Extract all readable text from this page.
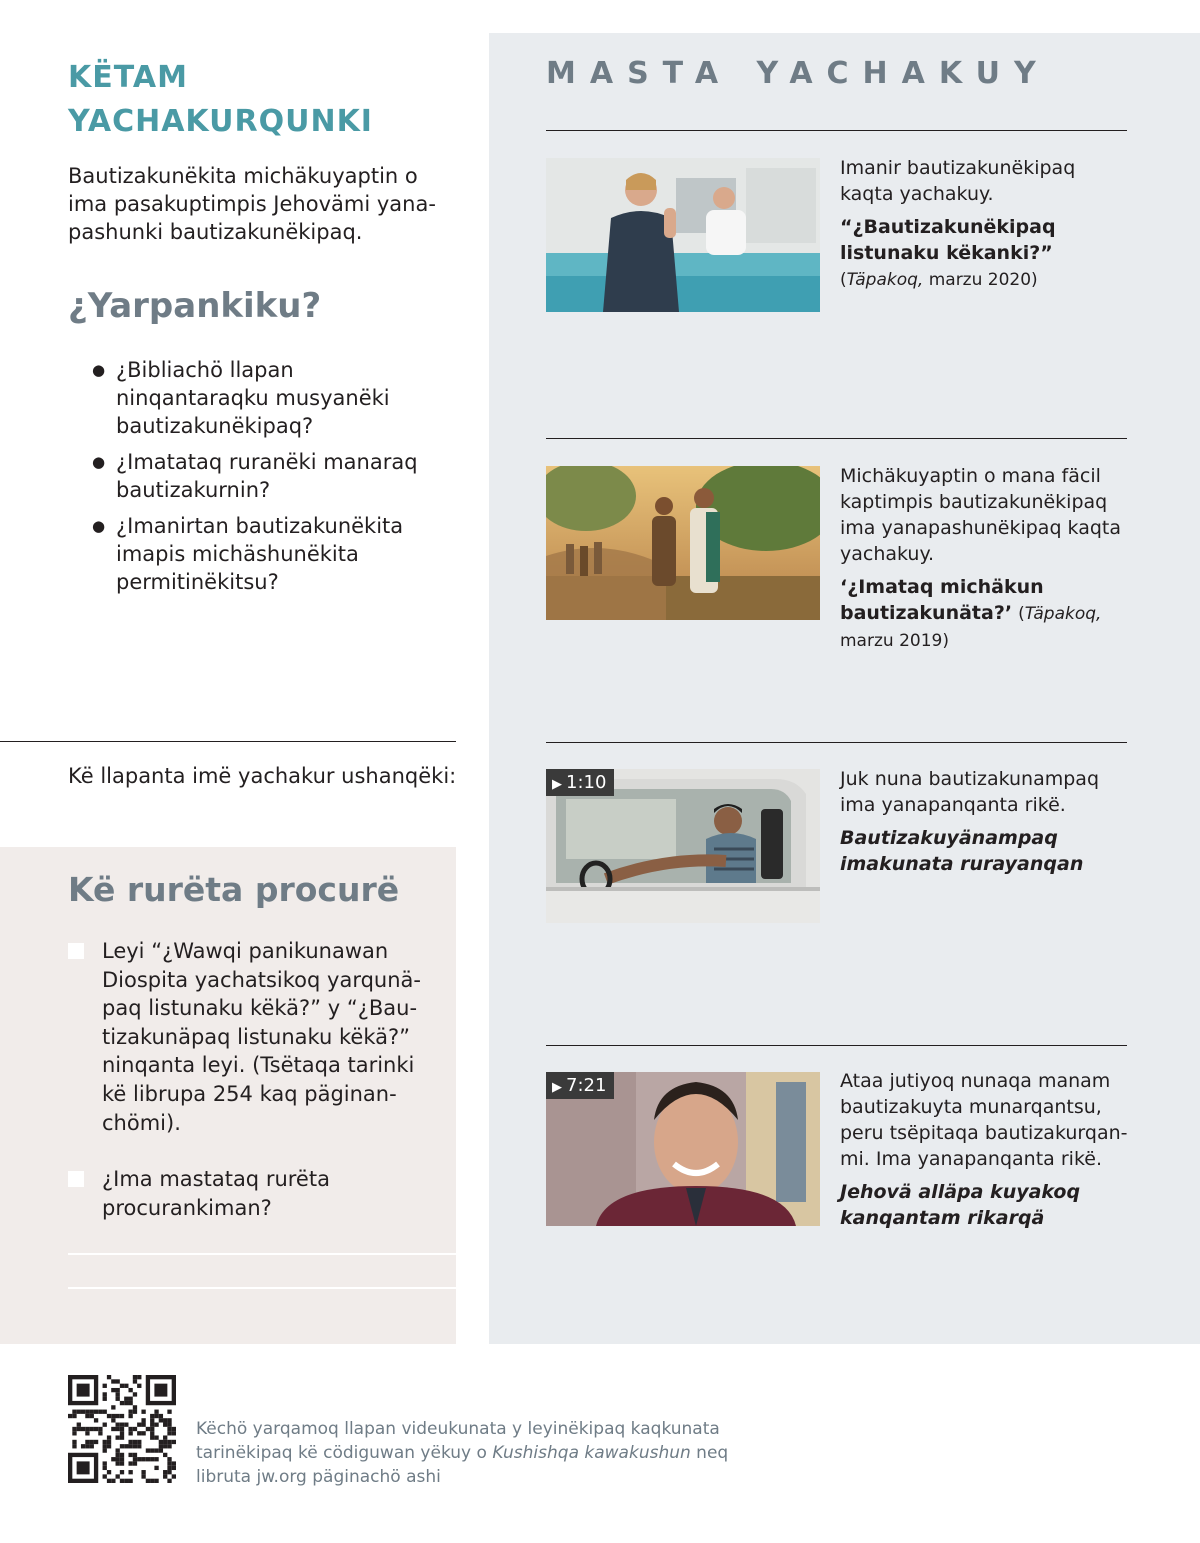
KËTAM YACHAKURQUNKI

Bautizakunëkita michäkuyaptin o ima pasakuptimpis Jehovämi yanapashunki bautizakunëkipaq.

¿Yarpankiku?
● ¿Bibliachö llapan ninqantaraqku musyanëki bautizakunëkipaq?
● ¿Imatataq ruranëki manaraq bautizakurnin?
● ¿Imanirtan bautizakunëkita imapis michäshunëkita permitinëkitsu?

Kë llapanta imë yachakur ushanqëki:

Kë rurëta procurë
Leyi “¿Wawqi panikunawan Diospita yachatsikoq yarqunäpaq listunaku këkä?” y “¿Bautizakunäpaq listunaku këkä?” ninqanta leyi. (Tsëtaqa tarinki kë librupa 254 kaq päginanchömi).
¿Ima mastataq rurëta procurankiman?
MASTA YACHAKUY
Imanir bautizakunëkipaq kaqta yachakuy.
“¿Bautizakunëkipaq listunaku këkanki?” (Täpakoq, marzu 2020)
Michäkuyaptin o mana fäcil kaptimpis bautizakunëkipaq ima yanapashunëkipaq kaqta yachakuy.
‘¿Imataq michäkun bautizakunäta?’ (Täpakoq, marzu 2019)
▶ 1:10	Juk nuna bautizakunampaq ima yanapanqanta rikë.
Bautizakuyänampaq imakunata rurayanqan
▶ 7:21	Ataa jutiyoq nunaqa manam bautizakuyta munarqantsu, peru tsëpitaqa bautizakurqanmi. Ima yanapanqanta rikë.
Jehovä alläpa kuyakoq kanqantam rikarqä

Këchö yarqamoq llapan videukunata y leyinëkipaq kaqkunata tarinëkipaq kë cödiguwan yëkuy o Kushishqa kawakushun neq libruta jw.org päginachö ashi
